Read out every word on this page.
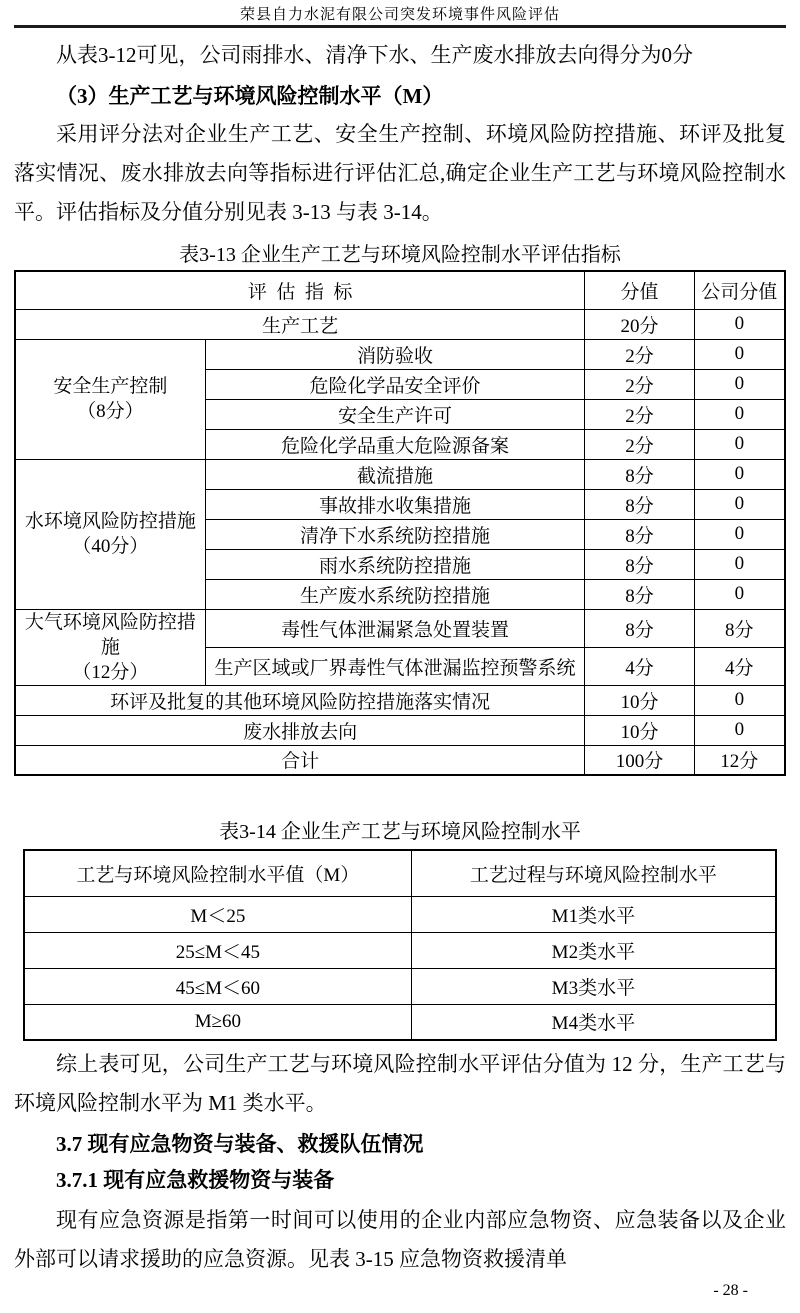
荣县自力水泥有限公司突发环境事件风险评估

从表3-12可见，公司雨排水、清净下水、生产废水排放去向得分为0分

（3）生产工艺与环境风险控制水平（M）

采用评分法对企业生产工艺、安全生产控制、环境风险防控措施、环评及批复落实情况、废水排放去向等指标进行评估汇总,确定企业生产工艺与环境风险控制水平。评估指标及分值分别见表 3-13 与表 3-14。

表3-13 企业生产工艺与环境风险控制水平评估指标
评  估  指  标		分值	公司分值
生产工艺		20分	0

安全生产控制
（8分）	消防验收	2分	0
	危险化学品安全评价	2分	0
	安全生产许可	2分	0
	危险化学品重大危险源备案	2分	0

水环境风险防控措施
（40分）	截流措施	8分	0
	事故排水收集措施	8分	0
	清净下水系统防控措施	8分	0
	雨水系统防控措施	8分	0
	生产废水系统防控措施	8分	0

大气环境风险防控措施
（12分）	毒性气体泄漏紧急处置装置	8分	8分
	生产区域或厂界毒性气体泄漏监控预警系统	4分	4分
环评及批复的其他环境风险防控措施落实情况		10分	0
废水排放去向		10分	0
合计		100分	12分
表3-14 企业生产工艺与环境风险控制水平
工艺与环境风险控制水平值（M）	工艺过程与环境风险控制水平
M＜25	M1类水平
25≤M＜45	M2类水平
45≤M＜60	M3类水平
M≥60	M4类水平

综上表可见，公司生产工艺与环境风险控制水平评估分值为 12 分，生产工艺与环境风险控制水平为 M1 类水平。

3.7 现有应急物资与装备、救援队伍情况
3.7.1 现有应急救援物资与装备

现有应急资源是指第一时间可以使用的企业内部应急物资、应急装备以及企业外部可以请求援助的应急资源。见表 3-15 应急物资救援清单

- 28 -
